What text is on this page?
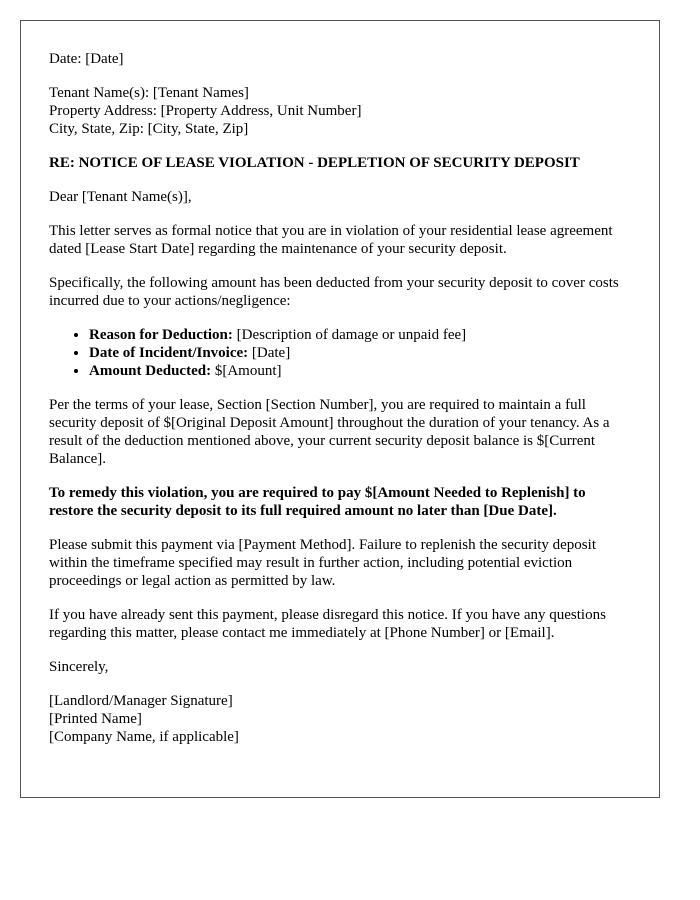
Date: [Date]

Tenant Name(s): [Tenant Names]
Property Address: [Property Address, Unit Number]
City, State, Zip: [City, State, Zip]

RE: NOTICE OF LEASE VIOLATION - DEPLETION OF SECURITY DEPOSIT

Dear [Tenant Name(s)],

This letter serves as formal notice that you are in violation of your residential lease agreement dated [Lease Start Date] regarding the maintenance of your security deposit.

Specifically, the following amount has been deducted from your security deposit to cover costs incurred due to your actions/negligence:

• Reason for Deduction: [Description of damage or unpaid fee]
• Date of Incident/Invoice: [Date]
• Amount Deducted: $[Amount]

Per the terms of your lease, Section [Section Number], you are required to maintain a full security deposit of $[Original Deposit Amount] throughout the duration of your tenancy. As a result of the deduction mentioned above, your current security deposit balance is $[Current Balance].

To remedy this violation, you are required to pay $[Amount Needed to Replenish] to restore the security deposit to its full required amount no later than [Due Date].

Please submit this payment via [Payment Method]. Failure to replenish the security deposit within the timeframe specified may result in further action, including potential eviction proceedings or legal action as permitted by law.

If you have already sent this payment, please disregard this notice. If you have any questions regarding this matter, please contact me immediately at [Phone Number] or [Email].

Sincerely,

[Landlord/Manager Signature]
[Printed Name]
[Company Name, if applicable]
